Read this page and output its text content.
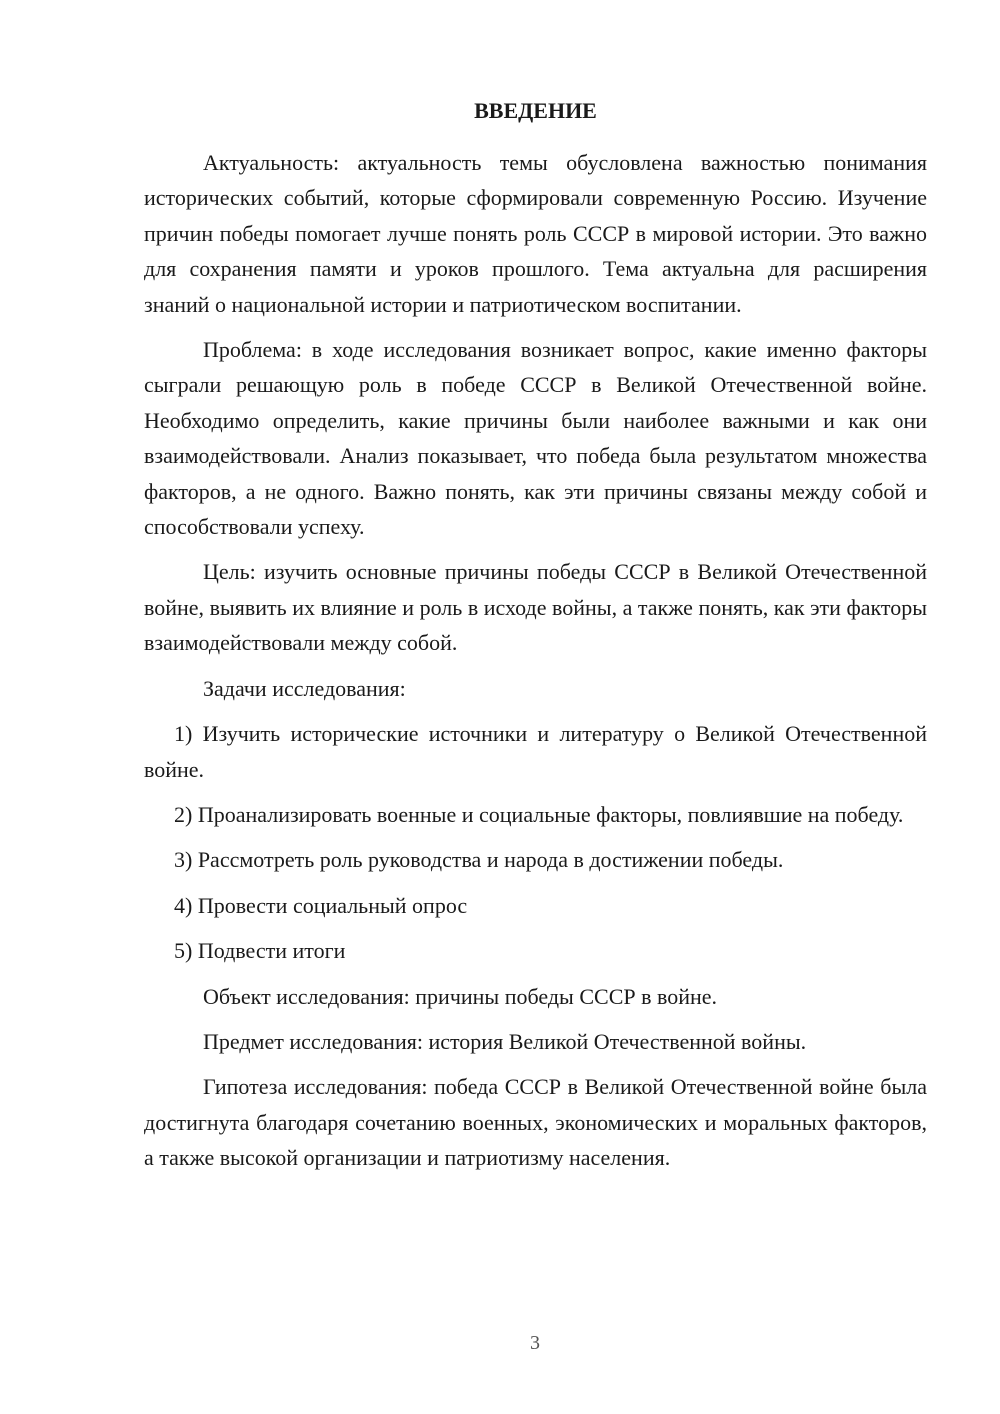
ВВЕДЕНИЕ

Актуальность: актуальность темы обусловлена важностью понимания исторических событий, которые сформировали современную Россию. Изучение причин победы помогает лучше понять роль СССР в мировой истории. Это важно для сохранения памяти и уроков прошлого. Тема актуальна для расширения знаний о национальной истории и патриотическом воспитании.

Проблема: в ходе исследования возникает вопрос, какие именно факторы сыграли решающую роль в победе СССР в Великой Отечественной войне. Необходимо определить, какие причины были наиболее важными и как они взаимодействовали. Анализ показывает, что победа была результатом множества факторов, а не одного. Важно понять, как эти причины связаны между собой и способствовали успеху.

Цель: изучить основные причины победы СССР в Великой Отечественной войне, выявить их влияние и роль в исходе войны, а также понять, как эти факторы взаимодействовали между собой.

Задачи исследования:

1) Изучить исторические источники и литературу о Великой Отечественной войне.

2) Проанализировать военные и социальные факторы, повлиявшие на победу.

3) Рассмотреть роль руководства и народа в достижении победы.

4) Провести социальный опрос

5) Подвести итоги

Объект исследования: причины победы СССР в войне.

Предмет исследования: история Великой Отечественной войны.

Гипотеза исследования: победа СССР в Великой Отечественной войне была достигнута благодаря сочетанию военных, экономических и моральных факторов, а также высокой организации и патриотизму населения.

3
